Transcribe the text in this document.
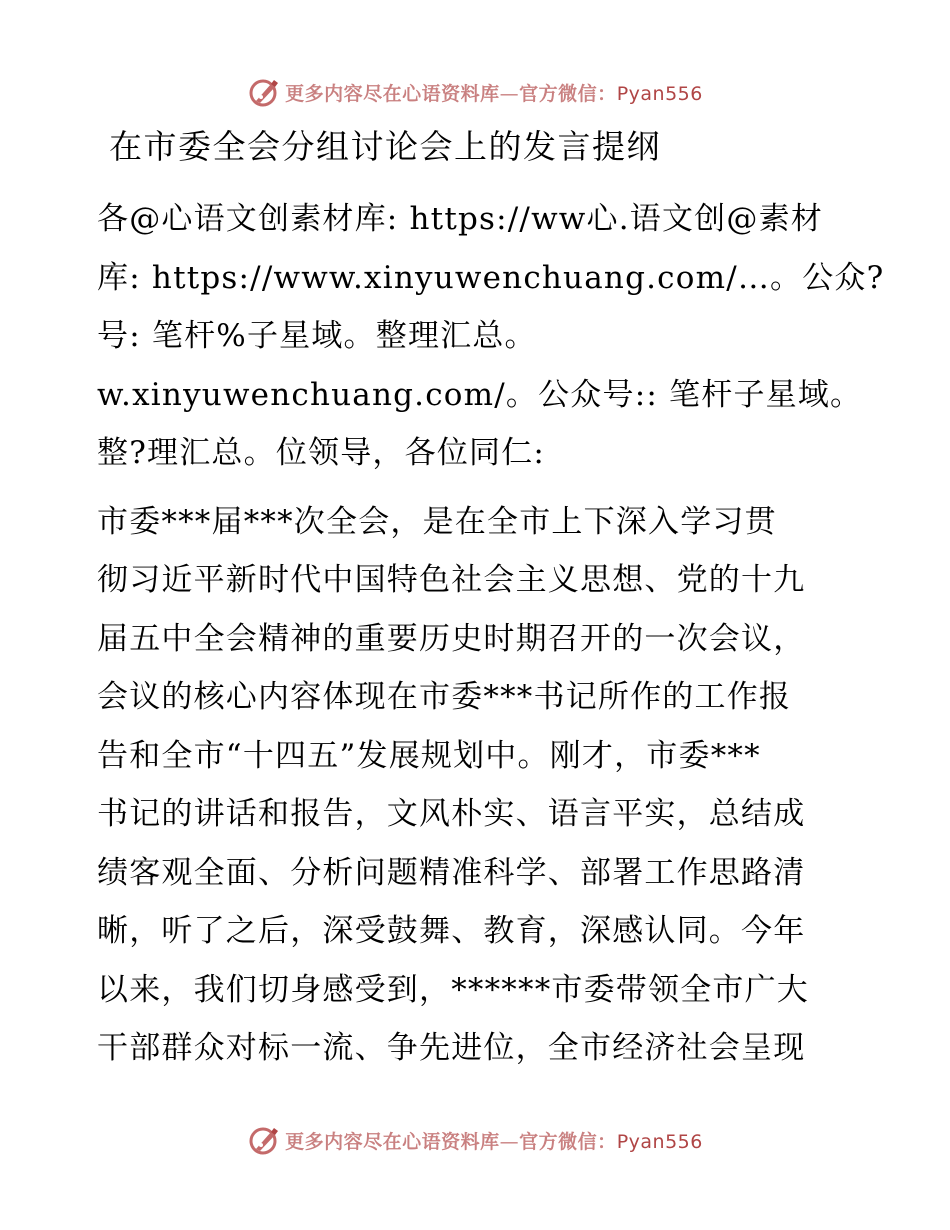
更多内容尽在心语资料库—官方微信：Pyan556
在市委全会分组讨论会上的发言提纲
各@心语文创素材库: https://ww心.语文创@素材
库: https://www.xinyuwenchuang.com/…。公众?
号: 笔杆%子星域。整理汇总。
w.xinyuwenchuang.com/。公众号:: 笔杆子星域。
整?理汇总。位领导，各位同仁:
市委***届***次全会，是在全市上下深入学习贯
彻习近平新时代中国特色社会主义思想、党的十九
届五中全会精神的重要历史时期召开的一次会议，
会议的核心内容体现在市委***书记所作的工作报
告和全市“十四五”发展规划中。刚才，市委***
书记的讲话和报告，文风朴实、语言平实，总结成
绩客观全面、分析问题精准科学、部署工作思路清
晰，听了之后，深受鼓舞、教育，深感认同。今年
以来，我们切身感受到，******市委带领全市广大
干部群众对标一流、争先进位，全市经济社会呈现
更多内容尽在心语资料库—官方微信：Pyan556
